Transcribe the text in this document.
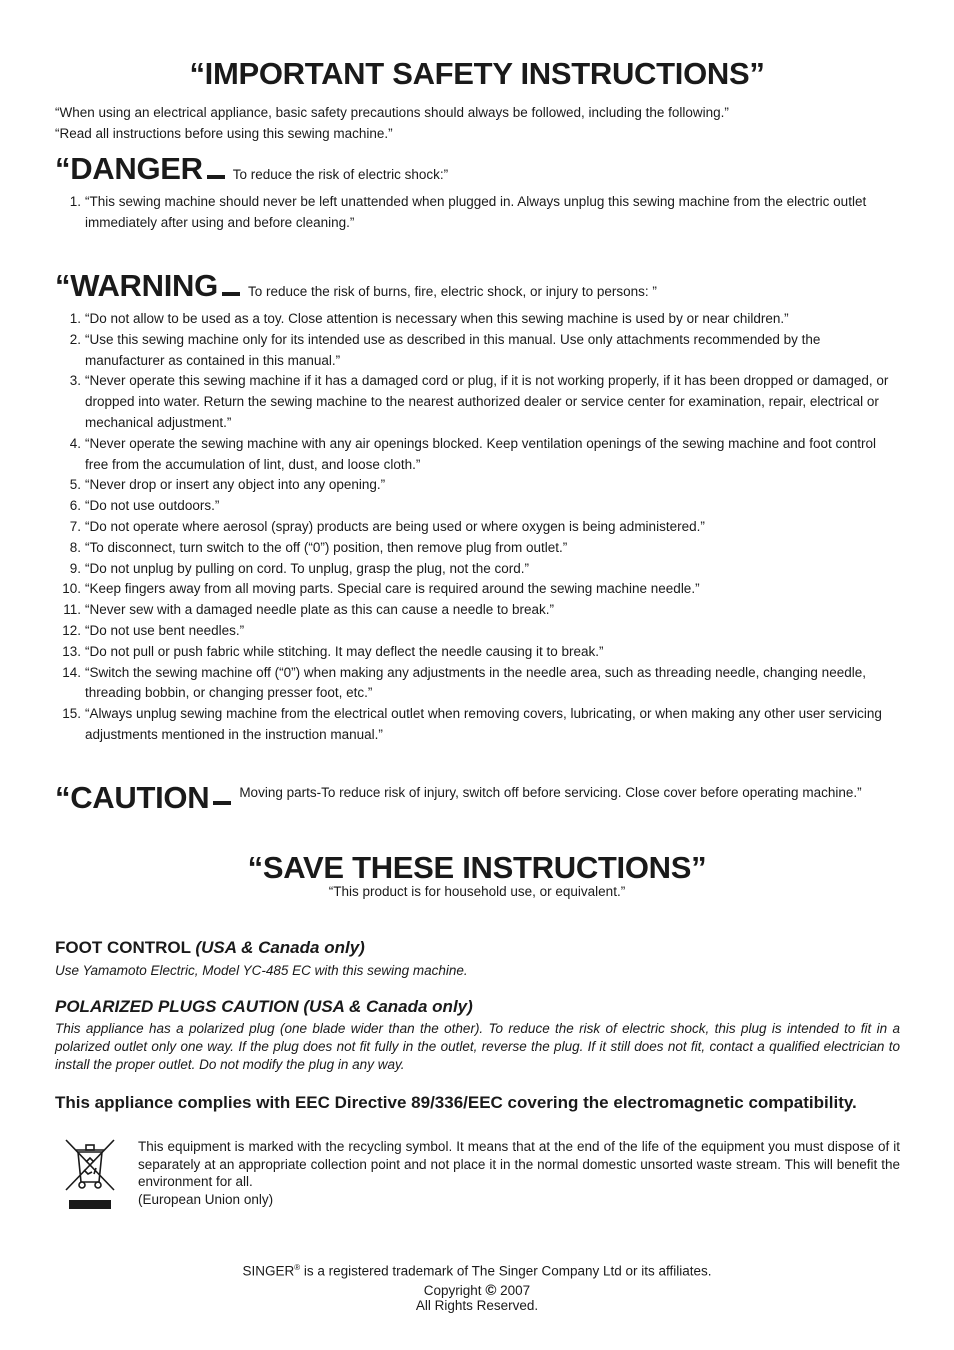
“IMPORTANT SAFETY INSTRUCTIONS”
“When using an electrical appliance, basic safety precautions should always be followed, including the following.”
“Read all instructions before using this sewing machine.”
“DANGER To reduce the risk of electric shock:”
1. “This sewing machine should never be left unattended when plugged in. Always unplug this sewing machine from the electric outlet immediately after using and before cleaning.”
“WARNING To reduce the risk of burns, fire, electric shock, or injury to persons: ”
1. “Do not allow to be used as a toy. Close attention is necessary when this sewing machine is used by or near children.”
2. “Use this sewing machine only for its intended use as described in this manual. Use only attachments recommended by the manufacturer as contained in this manual.”
3. “Never operate this sewing machine if it has a damaged cord or plug, if it is not working properly, if it has been dropped or damaged, or dropped into water. Return the sewing machine to the nearest authorized dealer or service center for examination, repair, electrical or mechanical adjustment.”
4. “Never operate the sewing machine with any air openings blocked. Keep ventilation openings of the sewing machine and foot control free from the accumulation of lint, dust, and loose cloth.”
5. “Never drop or insert any object into any opening.”
6. “Do not use outdoors.”
7. “Do not operate where aerosol (spray) products are being used or where oxygen is being administered.”
8. “To disconnect, turn switch to the off (“0”) position, then remove plug from outlet.”
9. “Do not unplug by pulling on cord. To unplug, grasp the plug, not the cord.”
10. “Keep fingers away from all moving parts. Special care is required around the sewing machine needle.”
11. “Never sew with a damaged needle plate as this can cause a needle to break.”
12. “Do not use bent needles.”
13. “Do not pull or push fabric while stitching. It may deflect the needle causing it to break.”
14. “Switch the sewing machine off (“0”) when making any adjustments in the needle area, such as threading needle, changing needle, threading bobbin, or changing presser foot, etc.”
15. “Always unplug sewing machine from the electrical outlet when removing covers, lubricating, or when making any other user servicing adjustments mentioned in the instruction manual.”
“CAUTION Moving parts-To reduce risk of injury, switch off before servicing. Close cover before operating machine.”
“SAVE THESE INSTRUCTIONS”
“This product is for household use, or equivalent.”
FOOT CONTROL (USA & Canada only)
Use Yamamoto Electric, Model YC-485 EC with this sewing machine.
POLARIZED PLUGS CAUTION (USA & Canada only)
This appliance has a polarized plug (one blade wider than the other). To reduce the risk of electric shock, this plug is intended to fit in a polarized outlet only one way. If the plug does not fit fully in the outlet, reverse the plug. If it still does not fit, contact a qualified electrician to install the proper outlet. Do not modify the plug in any way.
This appliance complies with EEC Directive 89/336/EEC covering the electromagnetic compatibility.
This equipment is marked with the recycling symbol. It means that at the end of the life of the equipment you must dispose of it separately at an appropriate collection point and not place it in the normal domestic unsorted waste stream. This will benefit the environment for all.
(European Union only)
SINGER® is a registered trademark of The Singer Company Ltd or its affiliates.
Copyright © 2007
All Rights Reserved.
